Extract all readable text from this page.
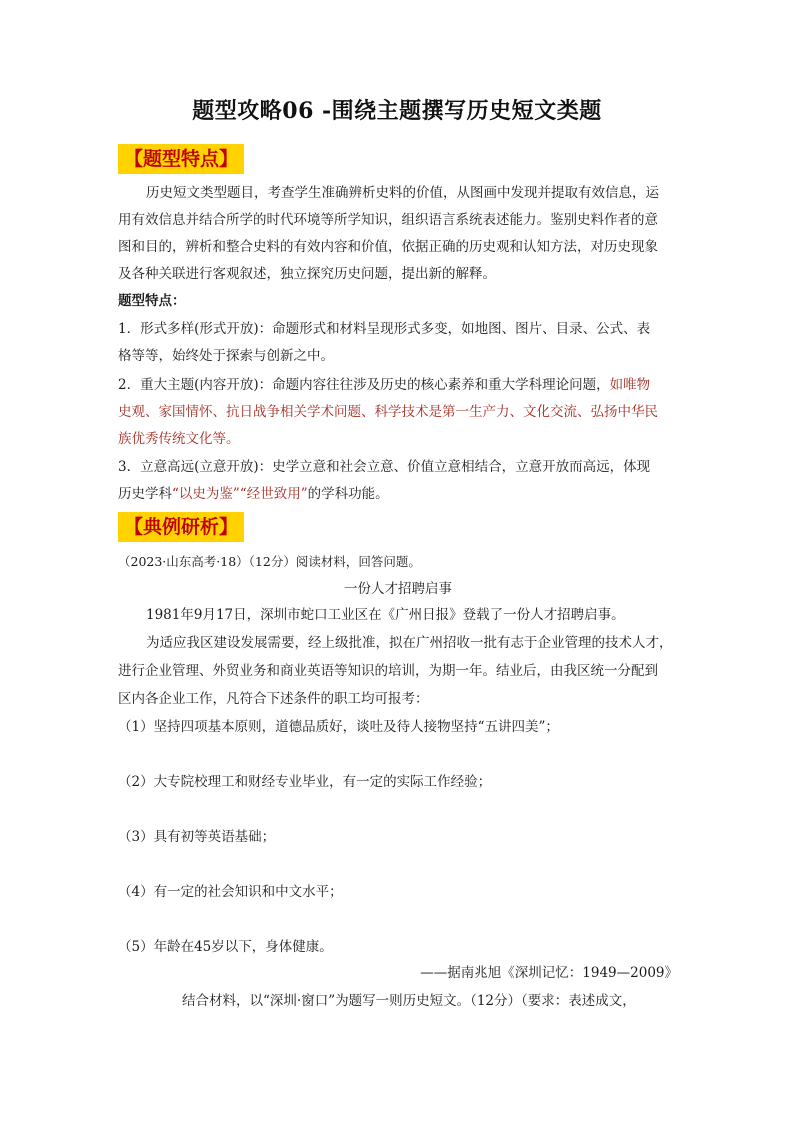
题型攻略06 -围绕主题撰写历史短文类题
【题型特点】
历史短文类型题目，考查学生准确辨析史料的价值，从图画中发现并提取有效信息，运
用有效信息并结合所学的时代环境等所学知识，组织语言系统表述能力。鉴别史料作者的意
图和目的，辨析和整合史料的有效内容和价值，依据正确的历史观和认知方法，对历史现象
及各种关联进行客观叙述，独立探究历史问题，提出新的解释。
题型特点：
1．形式多样(形式开放)：命题形式和材料呈现形式多变，如地图、图片、目录、公式、表
格等等，始终处于探索与创新之中。
2．重大主题(内容开放)：命题内容往往涉及历史的核心素养和重大学科理论问题，如唯物
史观、家国情怀、抗日战争相关学术问题、科学技术是第一生产力、文化交流、弘扬中华民
族优秀传统文化等。
3．立意高远(立意开放)：史学立意和社会立意、价值立意相结合，立意开放而高远，体现
历史学科“以史为鉴”“经世致用”的学科功能。
【典例研析】
（2023·山东高考·18）（12分）阅读材料，回答问题。
一份人才招聘启事
1981年9月17日，深圳市蛇口工业区在《广州日报》登载了一份人才招聘启事。
为适应我区建设发展需要，经上级批准，拟在广州招收一批有志于企业管理的技术人才，
进行企业管理、外贸业务和商业英语等知识的培训，为期一年。结业后，由我区统一分配到
区内各企业工作，凡符合下述条件的职工均可报考：
（1）坚持四项基本原则，道德品质好，谈吐及待人接物坚持“五讲四美”；
（2）大专院校理工和财经专业毕业，有一定的实际工作经验；
（3）具有初等英语基础；
（4）有一定的社会知识和中文水平；
（5）年龄在45岁以下，身体健康。
——据南兆旭《深圳记忆：1949—2009》
结合材料，以“深圳·窗口”为题写一则历史短文。（12分）（要求：表述成文，
